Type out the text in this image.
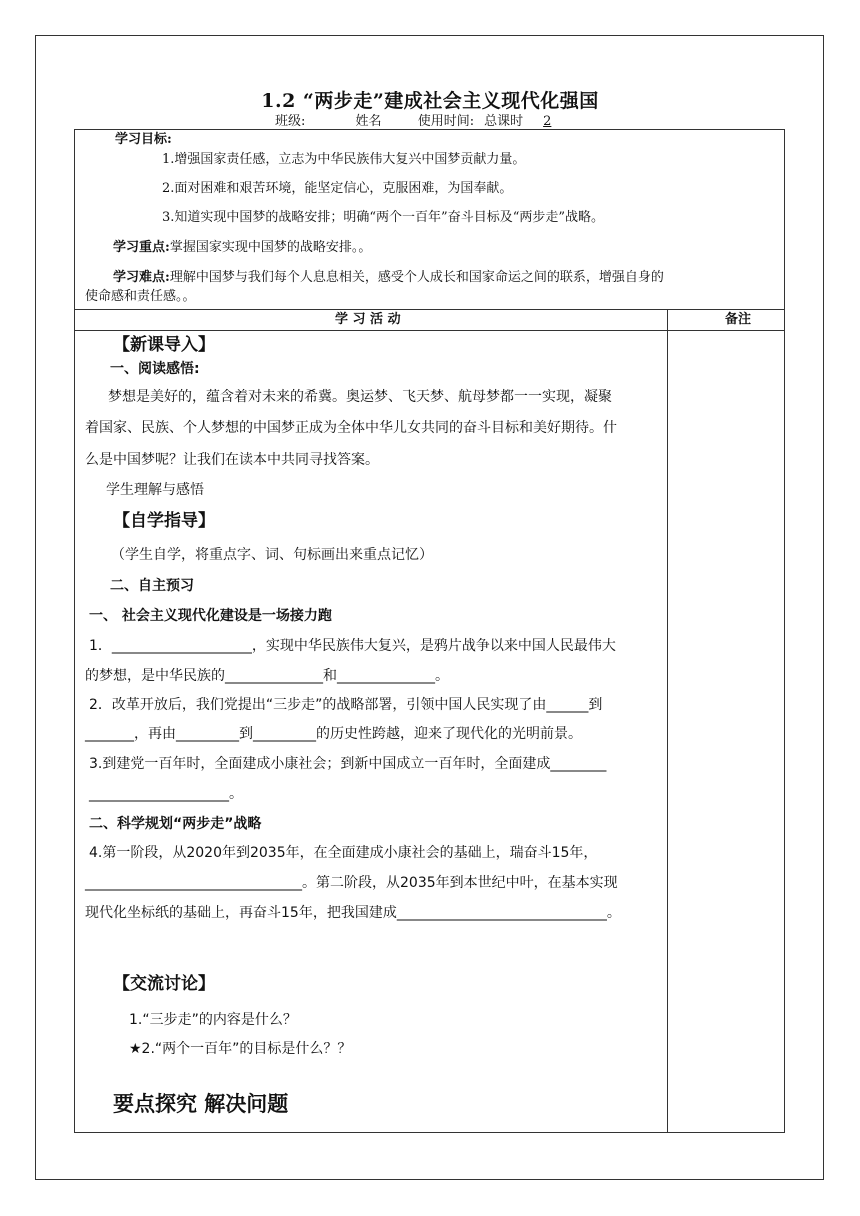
1.2 “两步走”建成社会主义现代化强国
班级:	姓名	使用时间: 总课时 2
学习目标:
1.增强国家责任感，立志为中华民族伟大复兴中国梦贡献力量。
2.面对困难和艰苦环境，能坚定信心，克服困难，为国奉献。
3.知道实现中国梦的战略安排；明确“两个一百年”奋斗目标及“两步走”战略。
学习重点:掌握国家实现中国梦的战略安排。。
学习难点:理解中国梦与我们每个人息息相关，感受个人成长和国家命运之间的联系，增强自身的
使命感和责任感。。
学 习 活 动	备注
【新课导入】
一、阅读感悟:
梦想是美好的，蕴含着对未来的希冀。奥运梦、飞天梦、航母梦都一一实现，凝聚
着国家、民族、个人梦想的中国梦正成为全体中华儿女共同的奋斗目标和美好期待。什
么是中国梦呢？让我们在读本中共同寻找答案。
学生理解与感悟
【自学指导】
（学生自学，将重点字、词、句标画出来重点记忆）
二、自主预习
一、 社会主义现代化建设是一场接力跑
1．____________________，实现中华民族伟大复兴，是鸦片战争以来中国人民最伟大
的梦想，是中华民族的______________和______________。
2．改革开放后，我们党提出“三步走”的战略部署，引领中国人民实现了由______到
_______，再由_________到_________的历史性跨越，迎来了现代化的光明前景。
3.到建党一百年时，全面建成小康社会；到新中国成立一百年时，全面建成________
____________________。
二、科学规划“两步走”战略
4.第一阶段，从2020年到2035年，在全面建成小康社会的基础上，瑞奋斗15年，
_______________________________。第二阶段，从2035年到本世纪中叶，在基本实现
现代化坐标纸的基础上，再奋斗15年，把我国建成______________________________。
【交流讨论】
1.“三步走”的内容是什么？
★2.“两个一百年”的目标是什么？？
要点探究 解决问题
